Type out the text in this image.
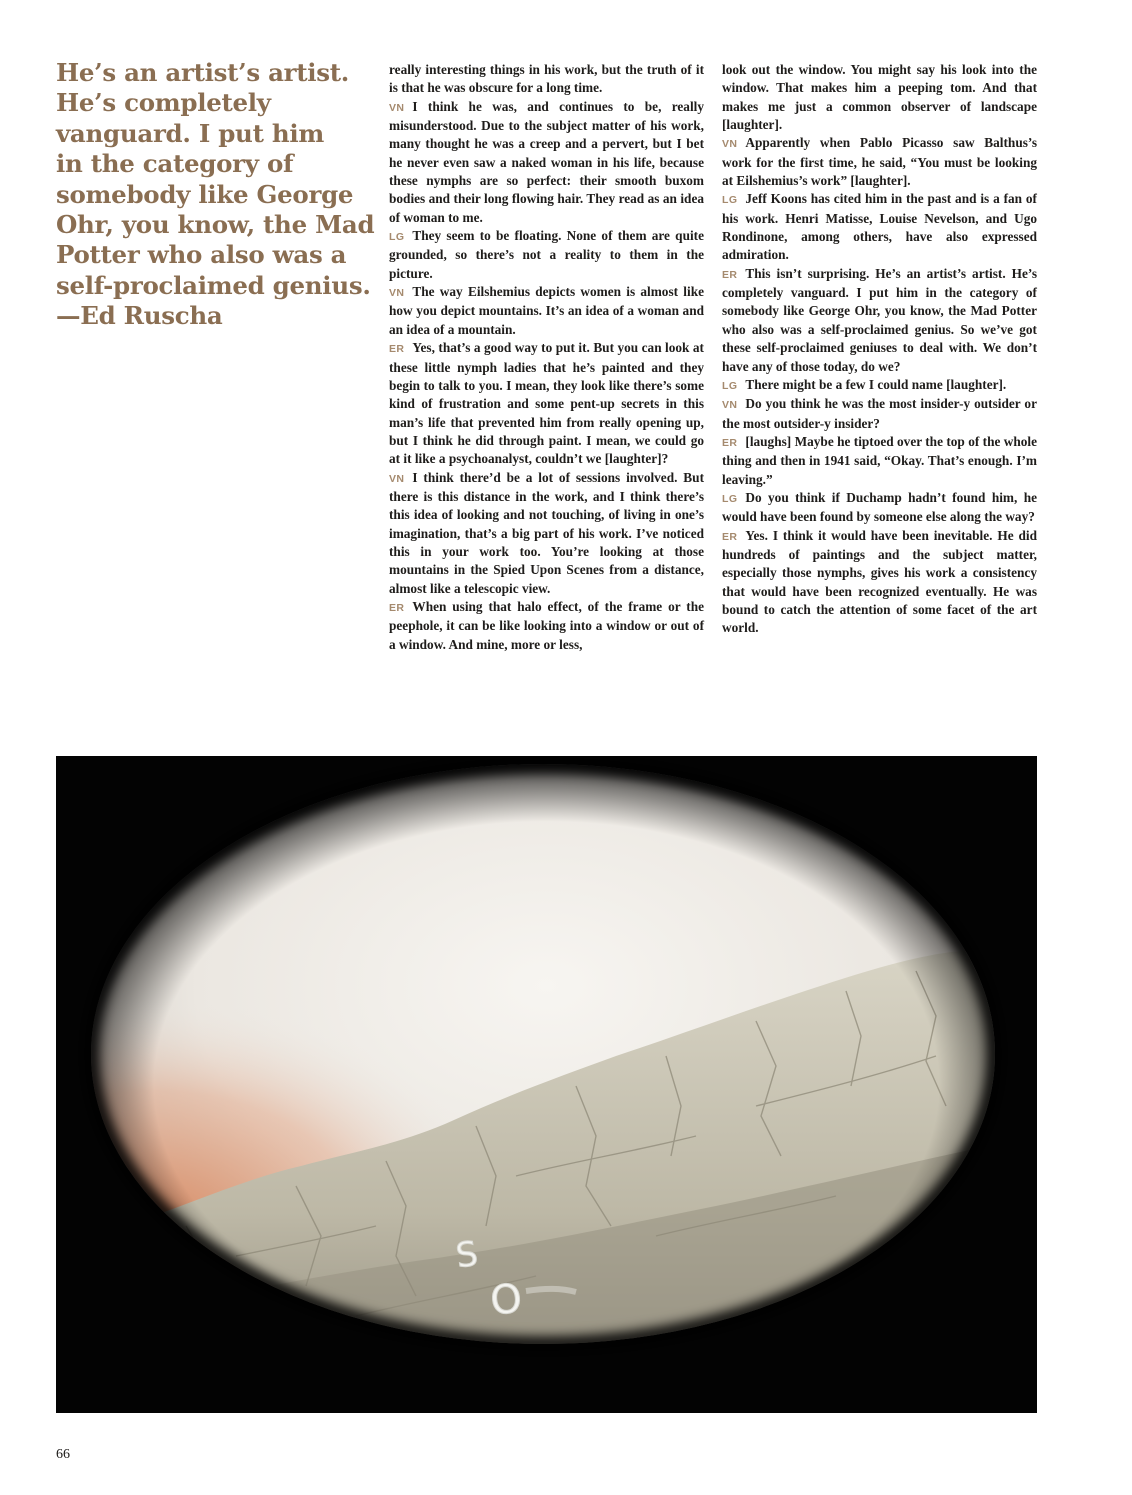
He’s an artist’s artist.
He’s completely
vanguard. I put him
in the category of
somebody like George
Ohr, you know, the Mad
Potter who also was a
self-proclaimed genius.
—Ed Ruscha

really interesting things in his work, but the truth of it is that he was obscure for a long time.

VN I think he was, and continues to be, really misunderstood. Due to the subject matter of his work, many thought he was a creep and a pervert, but I bet he never even saw a naked woman in his life, because these nymphs are so perfect: their smooth buxom bodies and their long flowing hair. They read as an idea of woman to me.

LG They seem to be floating. None of them are quite grounded, so there’s not a reality to them in the picture.

VN The way Eilshemius depicts women is almost like how you depict mountains. It’s an idea of a woman and an idea of a mountain.

ER Yes, that’s a good way to put it. But you can look at these little nymph ladies that he’s painted and they begin to talk to you. I mean, they look like there’s some kind of frustration and some pent-up secrets in this man’s life that prevented him from really opening up, but I think he did through paint. I mean, we could go at it like a psychoanalyst, couldn’t we [laughter]?

VN I think there’d be a lot of sessions involved. But there is this distance in the work, and I think there’s this idea of looking and not touching, of living in one’s imagination, that’s a big part of his work. I’ve noticed this in your work too. You’re looking at those mountains in the Spied Upon Scenes from a distance, almost like a telescopic view.

ER When using that halo effect, of the frame or the peephole, it can be like looking into a window or out of a window. And mine, more or less,

look out the window. You might say his look into the window. That makes him a peeping tom. And that makes me just a common observer of landscape [laughter].

VN Apparently when Pablo Picasso saw Balthus’s work for the first time, he said, “You must be looking at Eilshemius’s work” [laughter].

LG Jeff Koons has cited him in the past and is a fan of his work. Henri Matisse, Louise Nevelson, and Ugo Rondinone, among others, have also expressed admiration.

ER This isn’t surprising. He’s an artist’s artist. He’s completely vanguard. I put him in the category of somebody like George Ohr, you know, the Mad Potter who also was a self-proclaimed genius. So we’ve got these self-proclaimed geniuses to deal with. We don’t have any of those today, do we?

LG There might be a few I could name [laughter].

VN Do you think he was the most insider-y outsider or the most outsider-y insider?

ER [laughs] Maybe he tiptoed over the top of the whole thing and then in 1941 said, “Okay. That’s enough. I’m leaving.”

LG Do you think if Duchamp hadn’t found him, he would have been found by someone else along the way?

ER Yes. I think it would have been inevitable. He did hundreds of paintings and the subject matter, especially those nymphs, gives his work a consistency that would have been recognized eventually. He was bound to catch the attention of some facet of the art world.

66
